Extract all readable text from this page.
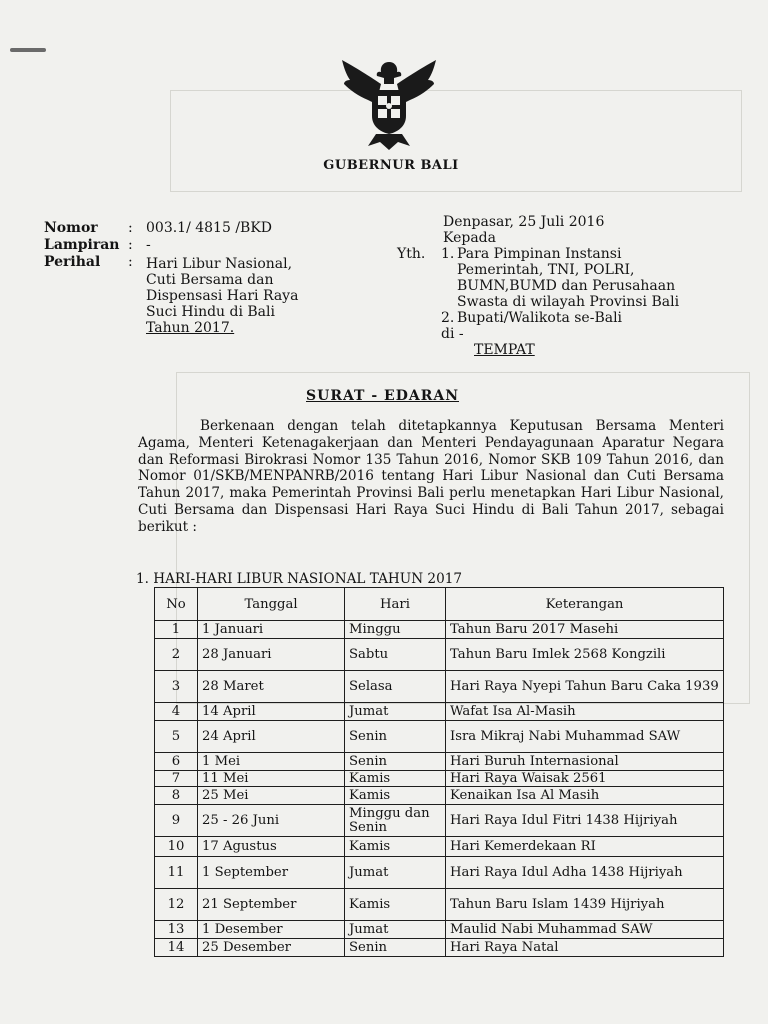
GUBERNUR BALI
Nomor : 003.1/ 4815 /BKD
Lampiran : -
Perihal : Hari Libur Nasional,
Cuti Bersama dan
Dispensasi Hari Raya
Suci Hindu di Bali
Tahun 2017.
Denpasar, 25 Juli 2016
Kepada
Yth. 1. Para Pimpinan Instansi
Pemerintah, TNI, POLRI,
BUMN,BUMD dan Perusahaan
Swasta di wilayah Provinsi Bali
2. Bupati/Walikota se-Bali
di -
TEMPAT
SURAT - EDARAN
Berkenaan dengan telah ditetapkannya Keputusan Bersama Menteri Agama, Menteri Ketenagakerjaan dan Menteri Pendayagunaan Aparatur Negara dan Reformasi Birokrasi Nomor 135 Tahun 2016, Nomor SKB 109 Tahun 2016, dan Nomor 01/SKB/MENPANRB/2016 tentang Hari Libur Nasional dan Cuti Bersama Tahun 2017, maka Pemerintah Provinsi Bali perlu menetapkan Hari Libur Nasional, Cuti Bersama dan Dispensasi Hari Raya Suci Hindu di Bali Tahun 2017, sebagai berikut :
1. HARI-HARI LIBUR NASIONAL TAHUN 2017
No	Tanggal	Hari	Keterangan
1	1 Januari	Minggu	Tahun Baru 2017 Masehi
2	28 Januari	Sabtu	Tahun Baru Imlek 2568 Kongzili
3	28 Maret	Selasa	Hari Raya Nyepi Tahun Baru Caka 1939
4	14 April	Jumat	Wafat Isa Al-Masih
5	24 April	Senin	Isra Mikraj Nabi Muhammad SAW
6	1 Mei	Senin	Hari Buruh Internasional
7	11 Mei	Kamis	Hari Raya Waisak 2561
8	25 Mei	Kamis	Kenaikan Isa Al Masih
9	25 - 26 Juni	Minggu dan Senin	Hari Raya Idul Fitri 1438 Hijriyah
10	17 Agustus	Kamis	Hari Kemerdekaan RI
11	1 September	Jumat	Hari Raya Idul Adha 1438 Hijriyah
12	21 September	Kamis	Tahun Baru Islam 1439 Hijriyah
13	1 Desember	Jumat	Maulid Nabi Muhammad SAW
14	25 Desember	Senin	Hari Raya Natal
